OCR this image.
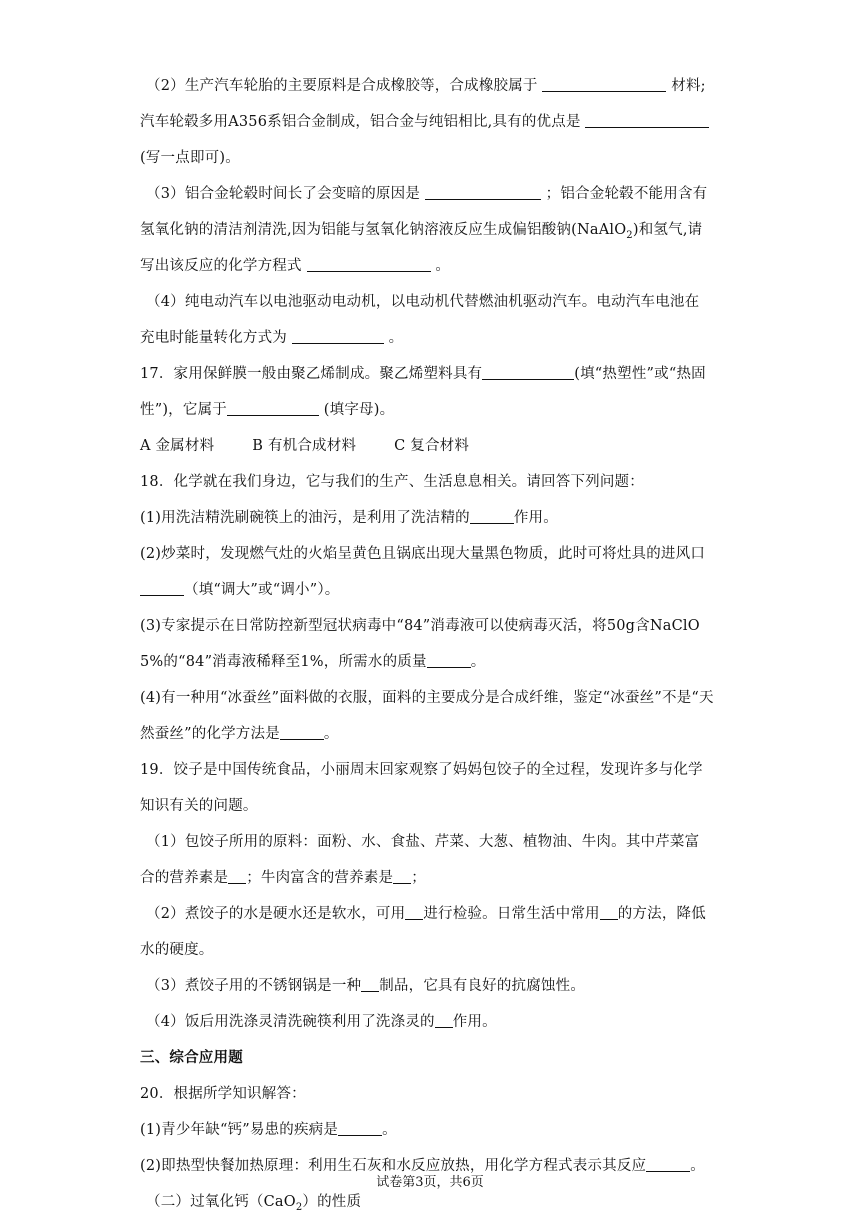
（2）生产汽车轮胎的主要原料是合成橡胶等，合成橡胶属于	材料;
汽车轮毂多用A356系铝合金制成，铝合金与纯铝相比,具有的优点是
(写一点即可)。
（3）铝合金轮毂时间长了会变暗的原因是	；铝合金轮毂不能用含有
氢氧化钠的清洁剂清洗,因为铝能与氢氧化钠溶液反应生成偏铝酸钠(NaAlO$_2$)和氢气,请
写出该反应的化学方程式	。
（4）纯电动汽车以电池驱动电动机，以电动机代替燃油机驱动汽车。电动汽车电池在
充电时能量转化方式为	。
17．家用保鲜膜一般由聚乙烯制成。聚乙烯塑料具有	(填“热塑性”或“热固
性”)，它属于	(填字母)。
A 金属材料	B 有机合成材料	C 复合材料
18．化学就在我们身边，它与我们的生产、生活息息相关。请回答下列问题：
(1)用洗洁精洗刷碗筷上的油污，是利用了洗洁精的	作用。
(2)炒菜时，发现燃气灶的火焰呈黄色且锅底出现大量黑色物质，此时可将灶具的进风口
（填“调大”或“调小”）。
(3)专家提示在日常防控新型冠状病毒中“84”消毒液可以使病毒灭活，将50g含NaClO
5%的“84”消毒液稀释至1%，所需水的质量	。
(4)有一种用“冰蚕丝”面料做的衣服，面料的主要成分是合成纤维，鉴定“冰蚕丝”不是“天
然蚕丝”的化学方法是	。
19．饺子是中国传统食品，小丽周末回家观察了妈妈包饺子的全过程，发现许多与化学
知识有关的问题。
（1）包饺子所用的原料：面粉、水、食盐、芹菜、大葱、植物油、牛肉。其中芹菜富
合的营养素是 ；牛肉富含的营养素是 ；
（2）煮饺子的水是硬水还是软水，可用 进行检验。日常生活中常用 的方法，降低
水的硬度。
（3）煮饺子用的不锈钢锅是一种 制品，它具有良好的抗腐蚀性。
（4）饭后用洗涤灵清洗碗筷利用了洗涤灵的 作用。
三、综合应用题
20．根据所学知识解答：
(1)青少年缺“钙”易患的疾病是	。
(2)即热型快餐加热原理：利用生石灰和水反应放热，用化学方程式表示其反应	。
（二）过氧化钙（CaO$_2$）的性质
试卷第3页，共6页
